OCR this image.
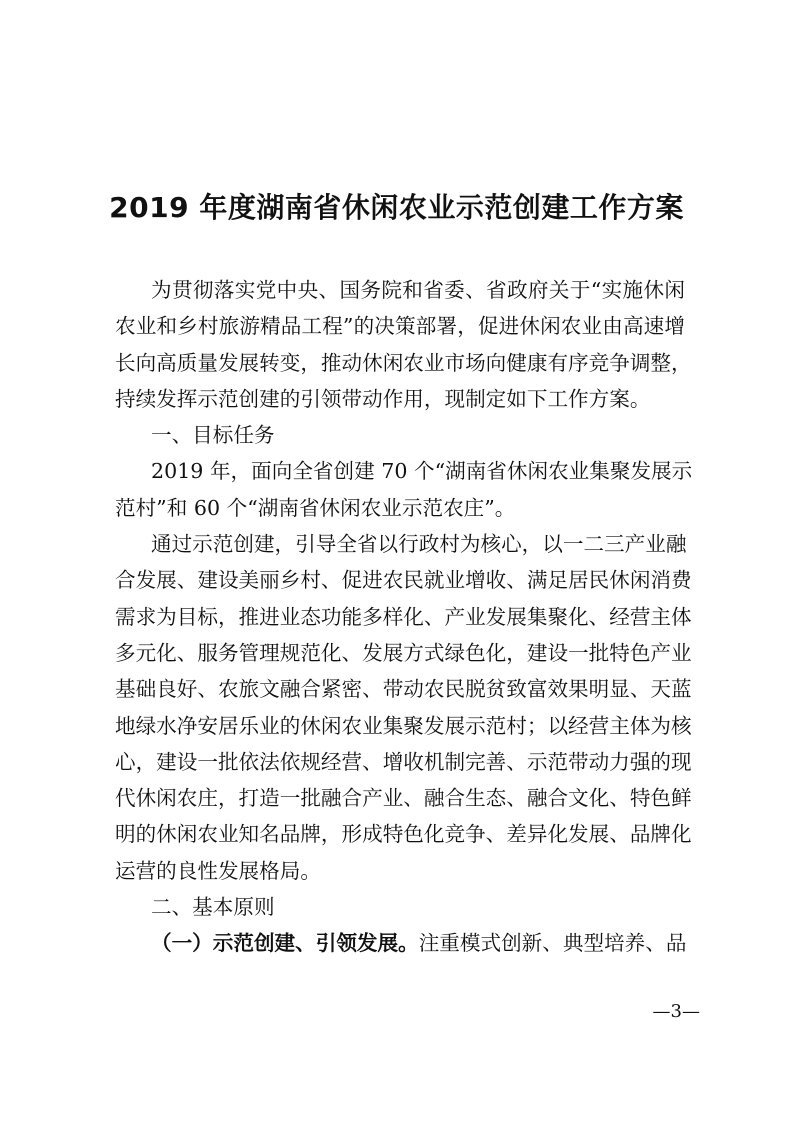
2019 年度湖南省休闲农业示范创建工作方案
为贯彻落实党中央、国务院和省委、省政府关于“实施休闲
农业和乡村旅游精品工程”的决策部署，促进休闲农业由高速增
长向高质量发展转变，推动休闲农业市场向健康有序竞争调整，
持续发挥示范创建的引领带动作用，现制定如下工作方案。
一、目标任务
2019 年，面向全省创建 70 个“湖南省休闲农业集聚发展示
范村”和 60 个“湖南省休闲农业示范农庄”。
通过示范创建，引导全省以行政村为核心，以一二三产业融
合发展、建设美丽乡村、促进农民就业增收、满足居民休闲消费
需求为目标，推进业态功能多样化、产业发展集聚化、经营主体
多元化、服务管理规范化、发展方式绿色化，建设一批特色产业
基础良好、农旅文融合紧密、带动农民脱贫致富效果明显、天蓝
地绿水净安居乐业的休闲农业集聚发展示范村；以经营主体为核
心，建设一批依法依规经营、增收机制完善、示范带动力强的现
代休闲农庄，打造一批融合产业、融合生态、融合文化、特色鲜
明的休闲农业知名品牌，形成特色化竞争、差异化发展、品牌化
运营的良性发展格局。
二、基本原则
（一）示范创建、引领发展。注重模式创新、典型培养、品
—3—
